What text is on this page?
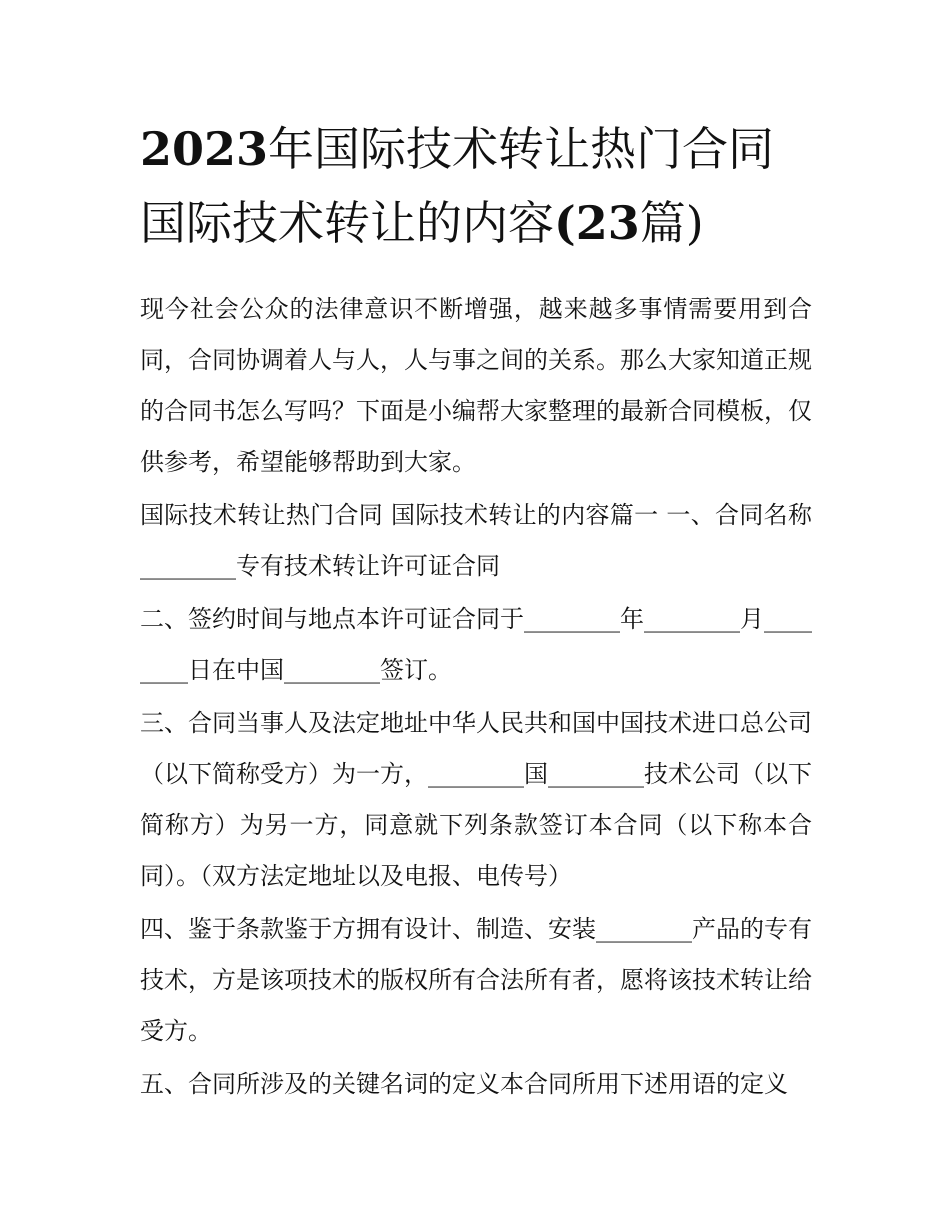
2023年国际技术转让热门合同
国际技术转让的内容(23篇)

现今社会公众的法律意识不断增强，越来越多事情需要用到合同，合同协调着人与人，人与事之间的关系。那么大家知道正规的合同书怎么写吗？下面是小编帮大家整理的最新合同模板，仅供参考，希望能够帮助到大家。

国际技术转让热门合同 国际技术转让的内容篇一 一、合同名称________专有技术转让许可证合同

二、签约时间与地点本许可证合同于________年________月________日在中国________签订。

三、合同当事人及法定地址中华人民共和国中国技术进口总公司（以下简称受方）为一方，________国________技术公司（以下简称方）为另一方，同意就下列条款签订本合同（以下称本合同）。（双方法定地址以及电报、电传号）

四、鉴于条款鉴于方拥有设计、制造、安装________产品的专有技术，方是该项技术的版权所有合法所有者，愿将该技术转让给受方。

五、合同所涉及的关键名词的定义本合同所用下述用语的定义
